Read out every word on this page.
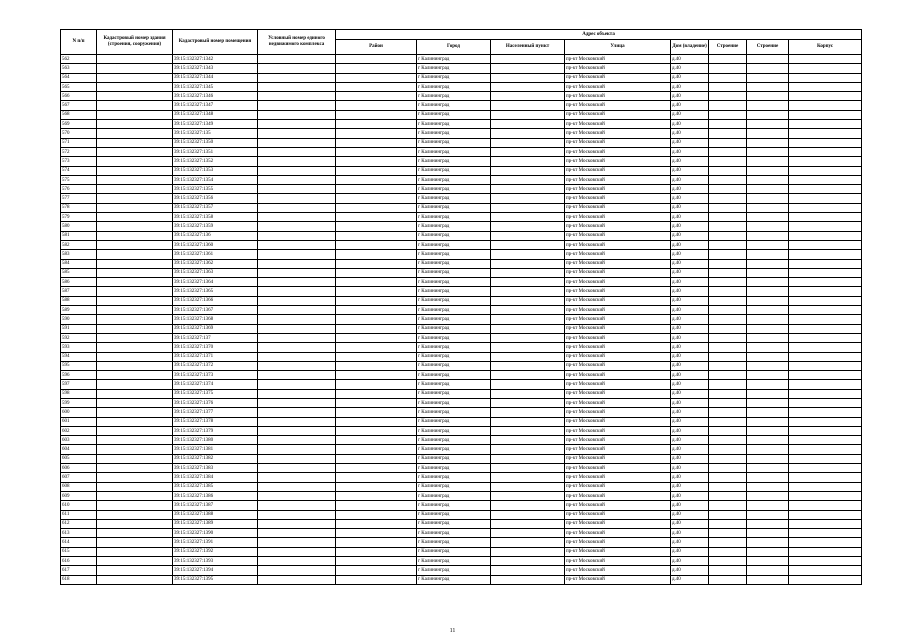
N п/п	Кадастровый номер здания (строения, сооружения)	Кадастровый номер помещения	Условный номер единого недвижимого комплекса	Адрес объекта							
				Район	Город	Населенный пункт	Улица	Дом (владение)	Строение	Строение	Корпус
562		39:15:132327:1342			г Калининград		пр-кт Московский	д.40			
563		39:15:132327:1343			г Калининград		пр-кт Московский	д.40			
564		39:15:132327:1344			г Калининград		пр-кт Московский	д.40			
565		39:15:132327:1345			г Калининград		пр-кт Московский	д.40			
566		39:15:132327:1346			г Калининград		пр-кт Московский	д.40			
567		39:15:132327:1347			г Калининград		пр-кт Московский	д.40			
568		39:15:132327:1348			г Калининград		пр-кт Московский	д.40			
569		39:15:132327:1349			г Калининград		пр-кт Московский	д.40			
570		39:15:132327:135			г Калининград		пр-кт Московский	д.40			
571		39:15:132327:1350			г Калининград		пр-кт Московский	д.40			
572		39:15:132327:1351			г Калининград		пр-кт Московский	д.40			
573		39:15:132327:1352			г Калининград		пр-кт Московский	д.40			
574		39:15:132327:1353			г Калининград		пр-кт Московский	д.40			
575		39:15:132327:1354			г Калининград		пр-кт Московский	д.40			
576		39:15:132327:1355			г Калининград		пр-кт Московский	д.40			
577		39:15:132327:1356			г Калининград		пр-кт Московский	д.40			
578		39:15:132327:1357			г Калининград		пр-кт Московский	д.40			
579		39:15:132327:1358			г Калининград		пр-кт Московский	д.40			
580		39:15:132327:1359			г Калининград		пр-кт Московский	д.40			
581		39:15:132327:136			г Калининград		пр-кт Московский	д.40			
582		39:15:132327:1360			г Калининград		пр-кт Московский	д.40			
583		39:15:132327:1361			г Калининград		пр-кт Московский	д.40			
584		39:15:132327:1362			г Калининград		пр-кт Московский	д.40			
585		39:15:132327:1363			г Калининград		пр-кт Московский	д.40			
586		39:15:132327:1364			г Калининград		пр-кт Московский	д.40			
587		39:15:132327:1365			г Калининград		пр-кт Московский	д.40			
588		39:15:132327:1366			г Калининград		пр-кт Московский	д.40			
589		39:15:132327:1367			г Калининград		пр-кт Московский	д.40			
590		39:15:132327:1368			г Калининград		пр-кт Московский	д.40			
591		39:15:132327:1369			г Калининград		пр-кт Московский	д.40			
592		39:15:132327:137			г Калининград		пр-кт Московский	д.40			
593		39:15:132327:1370			г Калининград		пр-кт Московский	д.40			
594		39:15:132327:1371			г Калининград		пр-кт Московский	д.40			
595		39:15:132327:1372			г Калининград		пр-кт Московский	д.40			
596		39:15:132327:1373			г Калининград		пр-кт Московский	д.40			
597		39:15:132327:1374			г Калининград		пр-кт Московский	д.40			
598		39:15:132327:1375			г Калининград		пр-кт Московский	д.40			
599		39:15:132327:1376			г Калининград		пр-кт Московский	д.40			
600		39:15:132327:1377			г Калининград		пр-кт Московский	д.40			
601		39:15:132327:1378			г Калининград		пр-кт Московский	д.40			
602		39:15:132327:1379			г Калининград		пр-кт Московский	д.40			
603		39:15:132327:1380			г Калининград		пр-кт Московский	д.40			
604		39:15:132327:1381			г Калининград		пр-кт Московский	д.40			
605		39:15:132327:1382			г Калининград		пр-кт Московский	д.40			
606		39:15:132327:1383			г Калининград		пр-кт Московский	д.40			
607		39:15:132327:1384			г Калининград		пр-кт Московский	д.40			
608		39:15:132327:1385			г Калининград		пр-кт Московский	д.40			
609		39:15:132327:1386			г Калининград		пр-кт Московский	д.40			
610		39:15:132327:1387			г Калининград		пр-кт Московский	д.40			
611		39:15:132327:1388			г Калининград		пр-кт Московский	д.40			
612		39:15:132327:1389			г Калининград		пр-кт Московский	д.40			
613		39:15:132327:1390			г Калининград		пр-кт Московский	д.40			
614		39:15:132327:1391			г Калининград		пр-кт Московский	д.40			
615		39:15:132327:1392			г Калининград		пр-кт Московский	д.40			
616		39:15:132327:1393			г Калининград		пр-кт Московский	д.40			
617		39:15:132327:1394			г Калининград		пр-кт Московский	д.40			
618		39:15:132327:1395			г Калининград		пр-кт Московский	д.40			
11
